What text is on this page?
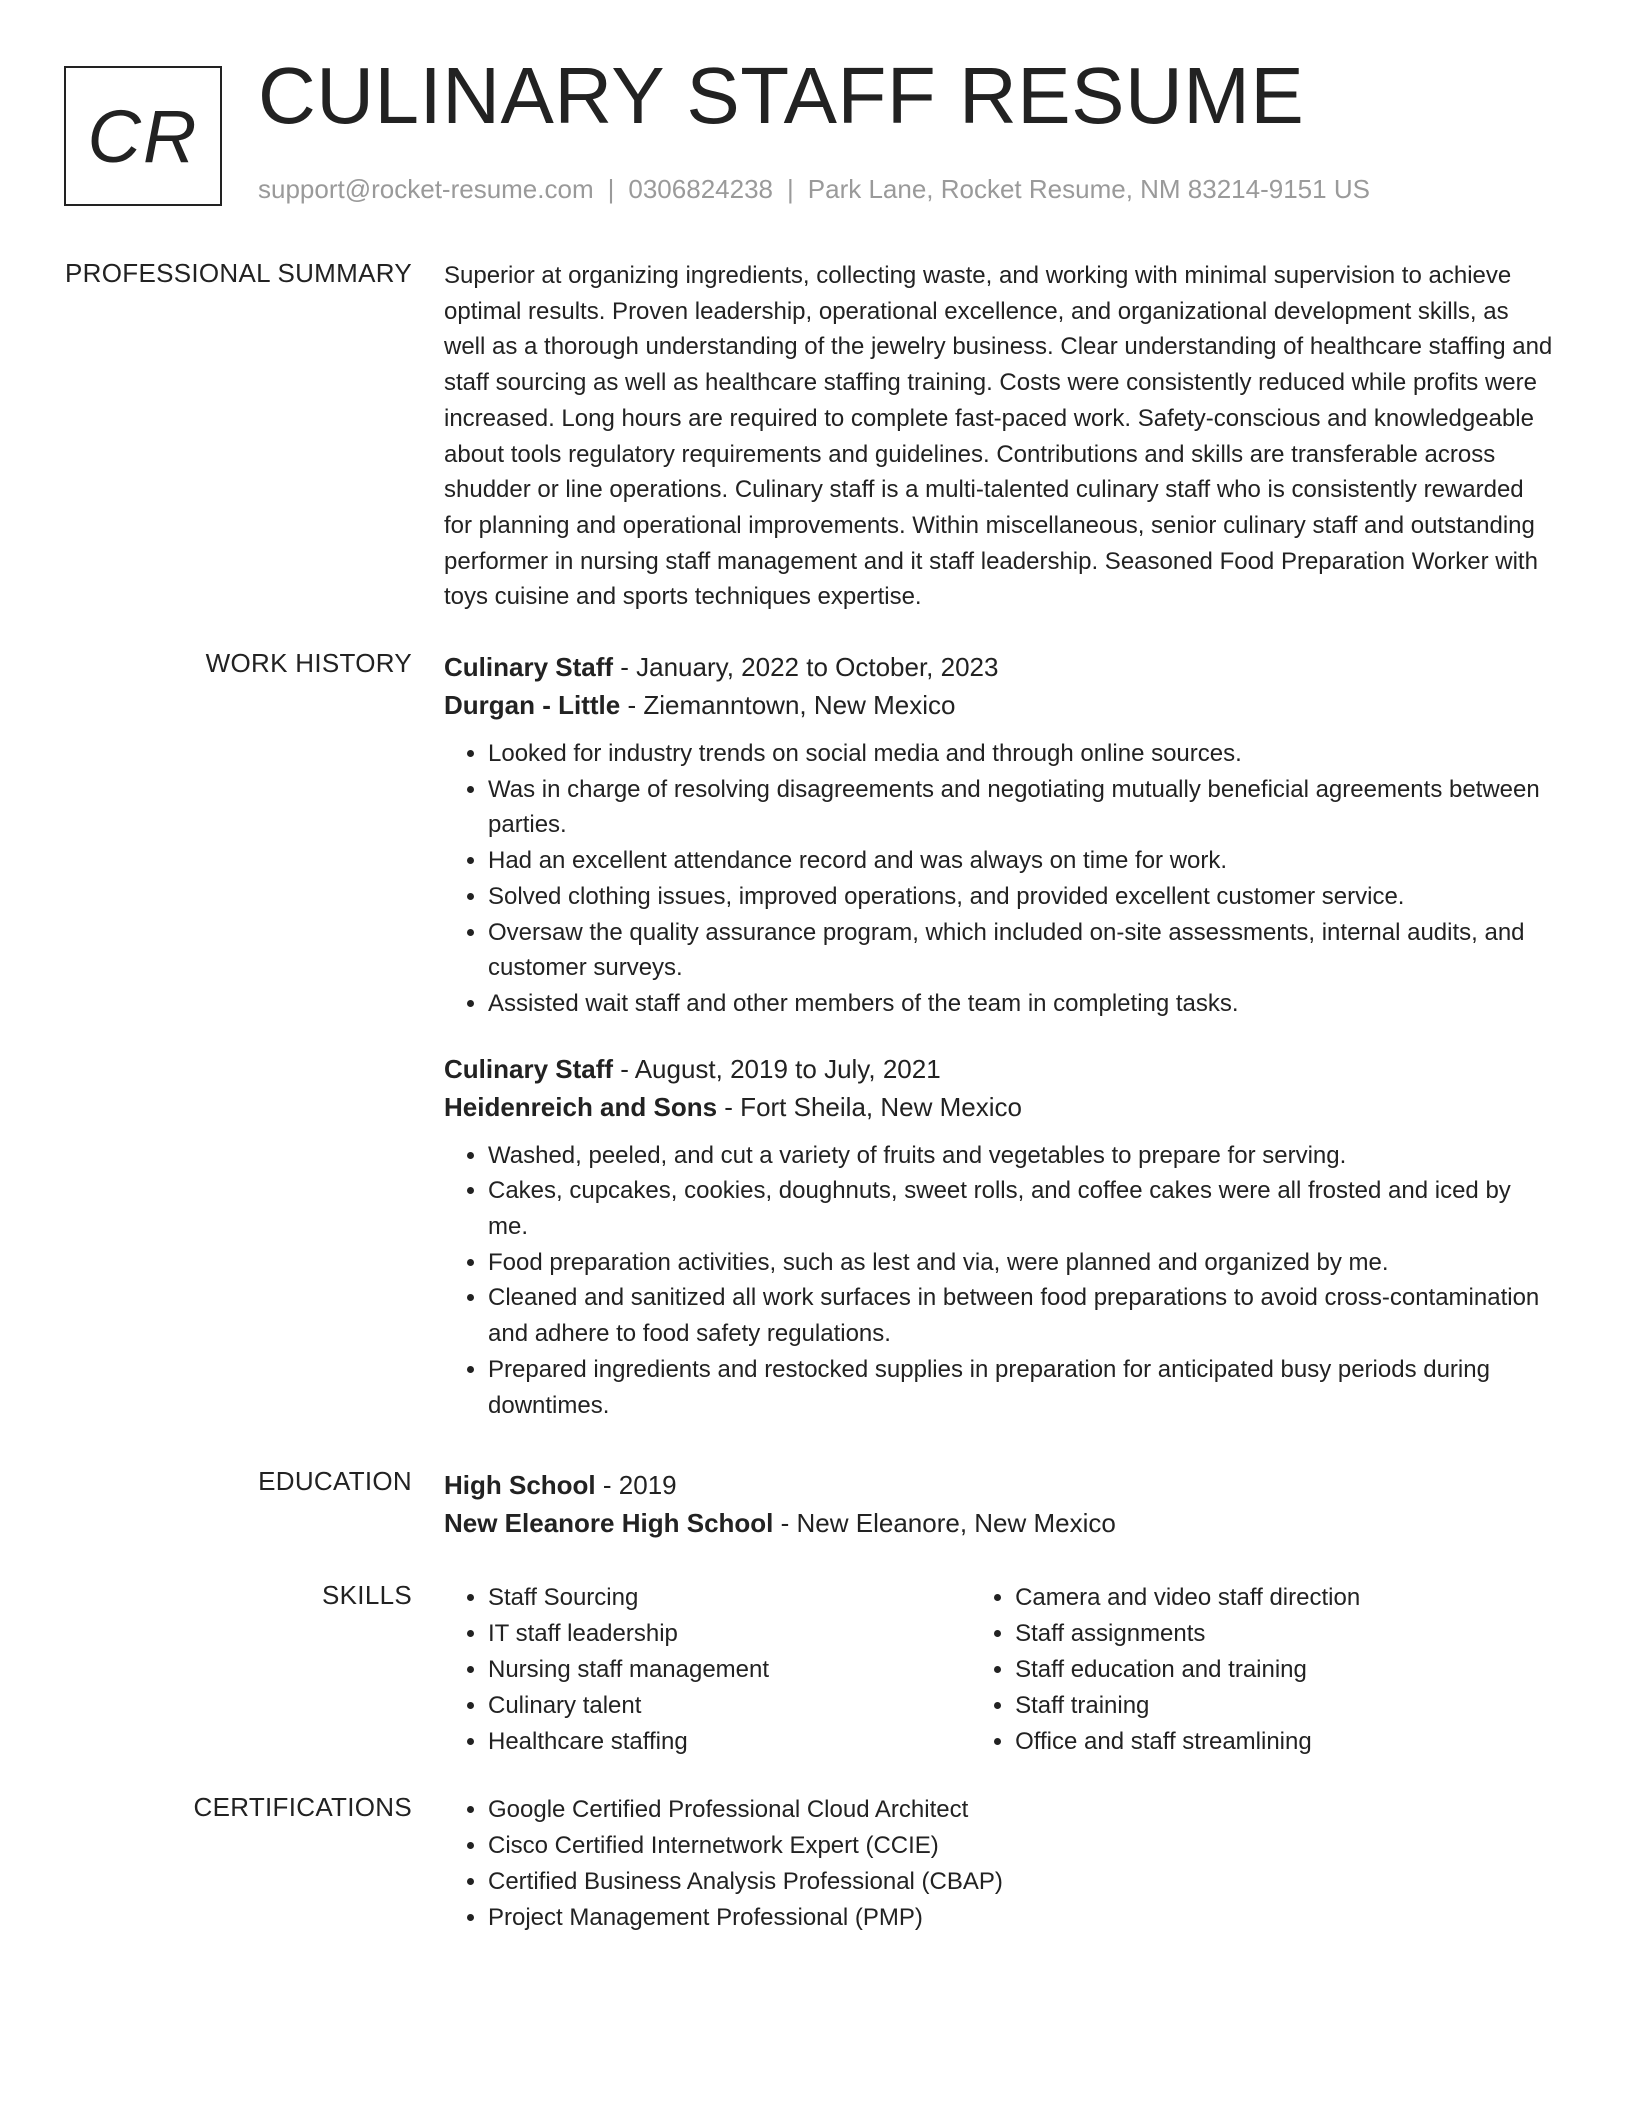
CR CULINARY STAFF RESUME
support@rocket-resume.com | 0306824238 | Park Lane, Rocket Resume, NM 83214-9151 US
PROFESSIONAL SUMMARY Superior at organizing ingredients, collecting waste, and working with minimal supervision to achieve optimal results. Proven leadership, operational excellence, and organizational development skills, as well as a thorough understanding of the jewelry business. Clear understanding of healthcare staffing and staff sourcing as well as healthcare staffing training. Costs were consistently reduced while profits were increased. Long hours are required to complete fast-paced work. Safety-conscious and knowledgeable about tools regulatory requirements and guidelines. Contributions and skills are transferable across shudder or line operations. Culinary staff is a multi-talented culinary staff who is consistently rewarded for planning and operational improvements. Within miscellaneous, senior culinary staff and outstanding performer in nursing staff management and it staff leadership. Seasoned Food Preparation Worker with toys cuisine and sports techniques expertise.

WORK HISTORY Culinary Staff - January, 2022 to October, 2023
Durgan - Little - Ziemanntown, New Mexico
• Looked for industry trends on social media and through online sources.
• Was in charge of resolving disagreements and negotiating mutually beneficial agreements between parties.
• Had an excellent attendance record and was always on time for work.
• Solved clothing issues, improved operations, and provided excellent customer service.
• Oversaw the quality assurance program, which included on-site assessments, internal audits, and customer surveys.
• Assisted wait staff and other members of the team in completing tasks.
Culinary Staff - August, 2019 to July, 2021
Heidenreich and Sons - Fort Sheila, New Mexico
• Washed, peeled, and cut a variety of fruits and vegetables to prepare for serving.
• Cakes, cupcakes, cookies, doughnuts, sweet rolls, and coffee cakes were all frosted and iced by me.
• Food preparation activities, such as lest and via, were planned and organized by me.
• Cleaned and sanitized all work surfaces in between food preparations to avoid cross-contamination and adhere to food safety regulations.
• Prepared ingredients and restocked supplies in preparation for anticipated busy periods during downtimes.
EDUCATION High School - 2019
New Eleanore High School - New Eleanore, New Mexico
SKILLS	• Staff Sourcing
• IT staff leadership
• Nursing staff management
• Culinary talent
• Healthcare staffing
• Camera and video staff direction
• Staff assignments
• Staff education and training
• Staff training
• Office and staff streamlining
CERTIFICATIONS	• Google Certified Professional Cloud Architect
• Cisco Certified Internetwork Expert (CCIE)
• Certified Business Analysis Professional (CBAP)
• Project Management Professional (PMP)
